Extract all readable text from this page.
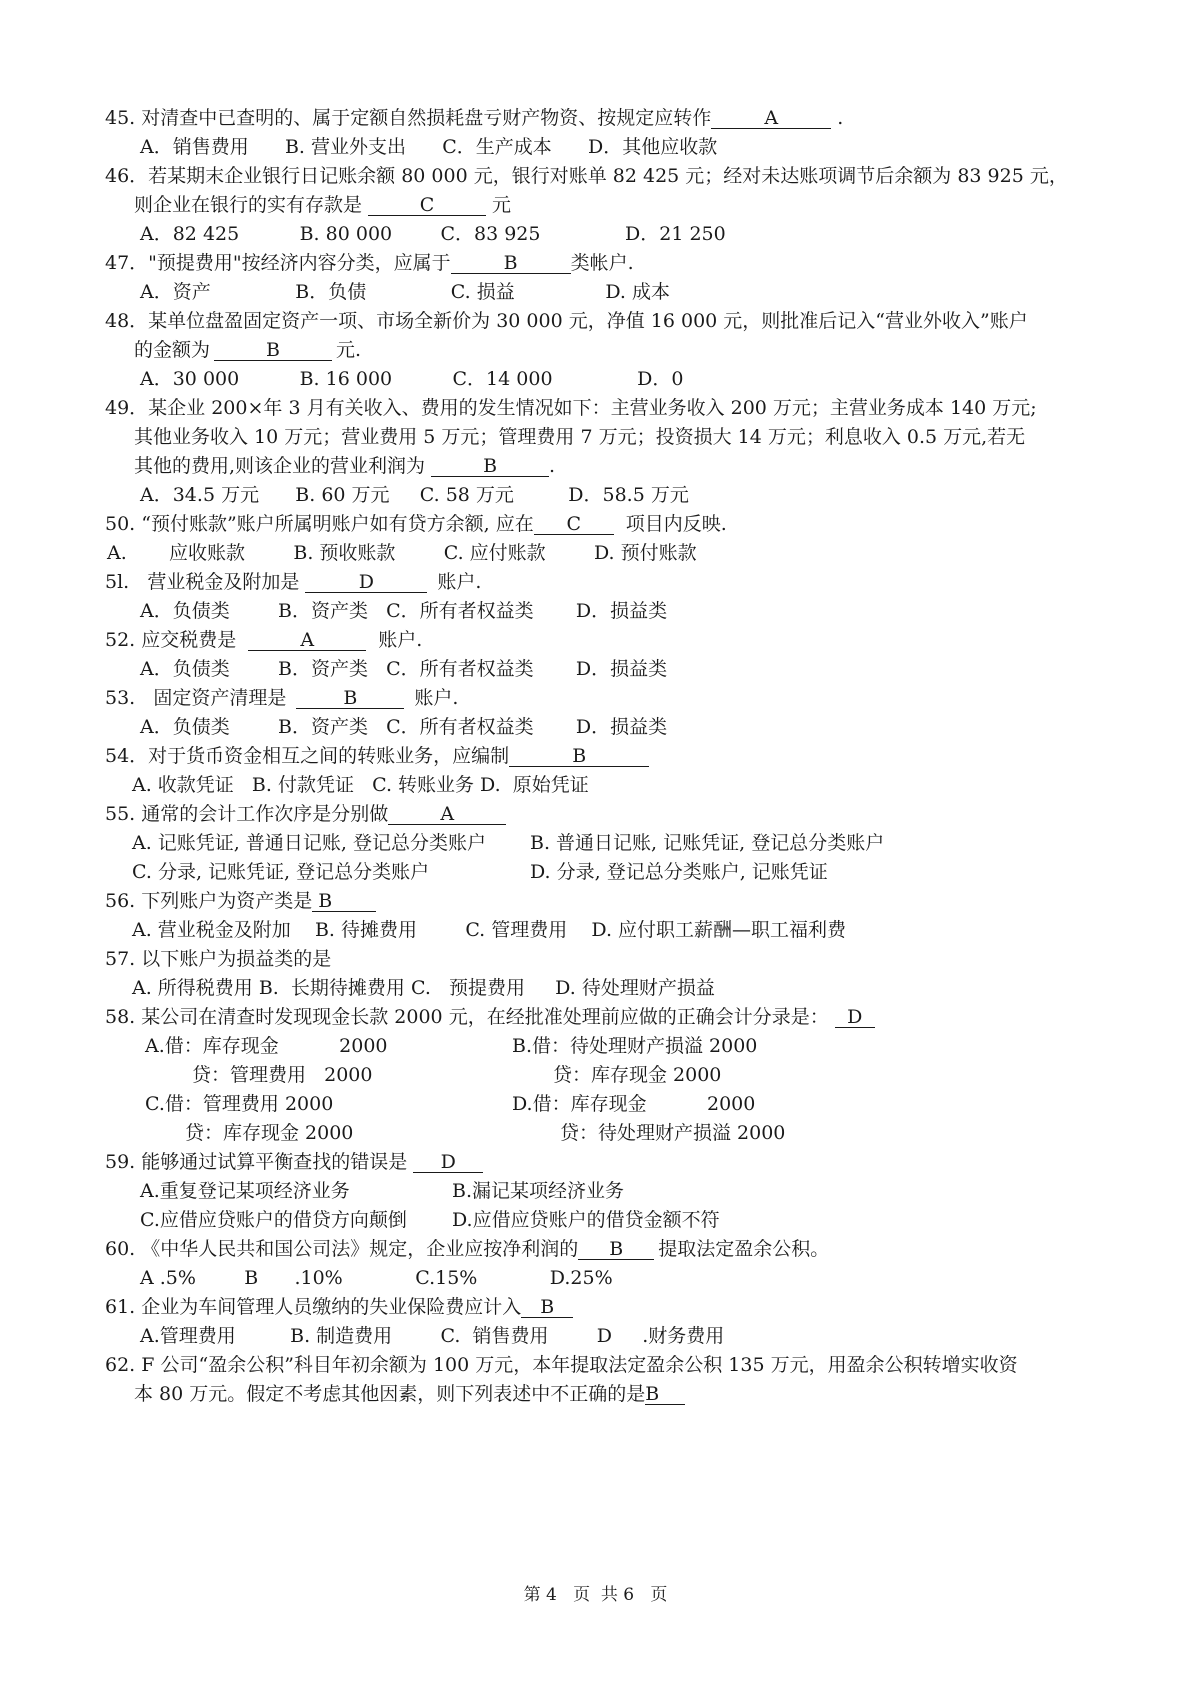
45. 对清查中已查明的、属于定额自然损耗盘亏财产物资、按规定应转作	A	.
A．销售费用      B. 营业外支出      C．生产成本      D．其他应收款
46．若某期末企业银行日记账余额 80 000 元，银行对账单 82 425 元；经对未达账项调节后余额为 83 925 元，
则企业在银行的实有存款是	C	元
A．82 425          B. 80 000        C．83 925              D．21 250
47．"预提费用"按经济内容分类，应属于	B	类帐户.
A．资产              B．负债              C. 损益               D. 成本
48．某单位盘盈固定资产一项、市场全新价为 30 000 元，净值 16 000 元，则批准后记入“营业外收入”账户
的金额为	B	元.
A．30 000          B. 16 000          C．14 000              D．0
49．某企业 200×年 3 月有关收入、费用的发生情况如下：主营业务收入 200 万元；主营业务成本 140 万元;
其他业务收入 10 万元；营业费用 5 万元；管理费用 7 万元；投资损大 14 万元；利息收入 0.5 万元,若无
其他的费用,则该企业的营业利润为	B	.
A．34.5 万元      B. 60 万元     C. 58 万元         D．58.5 万元
50. “预付账款”账户所属明账户如有贷方余额, 应在 C 项目内反映.
A.       应收账款        B. 预收账款        C. 应付账款        D. 预付账款
5l.   营业税金及附加是	D	账户.
A．负债类        B．资产类   C．所有者权益类       D．损益类
52. 应交税费是	A	账户.
A．负债类        B．资产类   C．所有者权益类       D．损益类
53.   固定资产清理是	B	账户.
A．负债类        B．资产类   C．所有者权益类       D．损益类
54．对于货币资金相互之间的转账业务，应编制	B
A. 收款凭证   B. 付款凭证   C. 转账业务 D.  原始凭证
55. 通常的会计工作次序是分别做	A
A. 记账凭证, 普通日记账, 登记总分类账户 B. 普通日记账, 记账凭证, 登记总分类账户
C. 分录, 记账凭证, 登记总分类账户	D. 分录, 登记总分类账户, 记账凭证
56. 下列账户为资产类是 B
A. 营业税金及附加    B. 待摊费用        C. 管理费用    D. 应付职工薪酬—职工福利费
57. 以下账户为损益类的是
A. 所得税费用 B.  长期待摊费用 C.   预提费用     D. 待处理财产损益
58. 某公司在清查时发现现金长款 2000 元，在经批准处理前应做的正确会计分录是： D
A.借：库存现金          2000	B.借：待处理财产损溢 2000
贷：管理费用   2000	贷：库存现金 2000
C.借：管理费用 2000	D.借：库存现金          2000
贷：库存现金 2000	贷：待处理财产损溢 2000
59. 能够通过试算平衡查找的错误是 D
A.重复登记某项经济业务	B.漏记某项经济业务
C.应借应贷账户的借贷方向颠倒 D.应借应贷账户的借贷金额不符
60. 《中华人民共和国公司法》规定，企业应按净利润的 B 提取法定盈余公积。
A .5%        B      .10%            C.15%            D.25%
61. 企业为车间管理人员缴纳的失业保险费应计入 B
A.管理费用         B. 制造费用        C.  销售费用        D     .财务费用
62. F 公司“盈余公积”科目年初余额为 100 万元，本年提取法定盈余公积 135 万元，用盈余公积转增实收资
本 80 万元。假定不考虑其他因素，则下列表述中不正确的是B
第 4   页  共 6   页
